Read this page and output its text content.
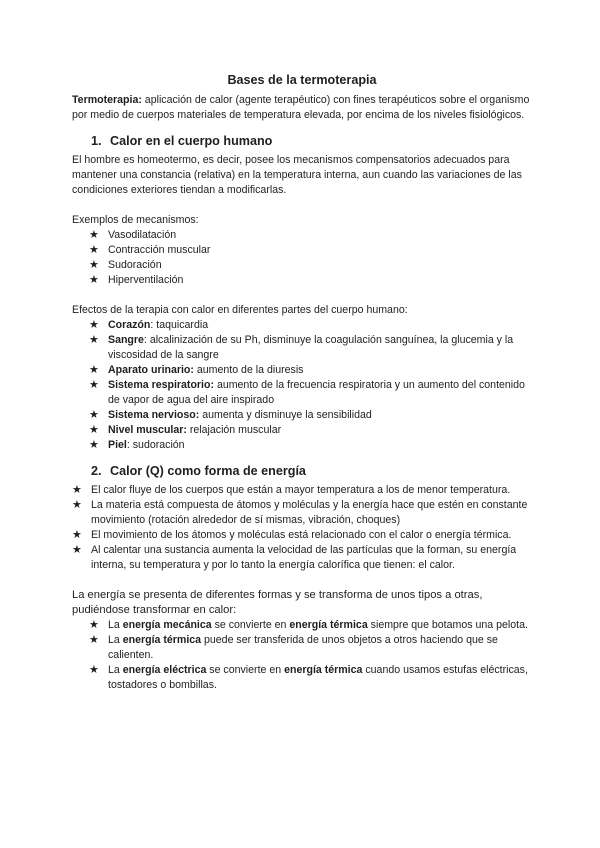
Bases de la termoterapia

Termoterapia: aplicación de calor (agente terapéutico) con fines terapéuticos sobre el organismo por medio de cuerpos materiales de temperatura elevada, por encima de los niveles fisiológicos.

1. Calor en el cuerpo humano

El hombre es homeotermo, es decir, posee los mecanismos compensatorios adecuados para mantener una constancia (relativa) en la temperatura interna, aun cuando las variaciones de las condiciones exteriores tiendan a modificarlas.

Exemplos de mecanismos:

★ Vasodilatación
★ Contracción muscular
★ Sudoración
★ Hiperventilación

Efectos de la terapia con calor en diferentes partes del cuerpo humano:

★ Corazón: taquicardia
★ Sangre: alcalinización de su Ph, disminuye la coagulación sanguínea, la glucemia y la viscosidad de la sangre
★ Aparato urinario: aumento de la diuresis
★ Sistema respiratorio: aumento de la frecuencia respiratoria y un aumento del contenido de vapor de agua del aire inspirado
★ Sistema nervioso: aumenta y disminuye la sensibilidad
★ Nivel muscular: relajación muscular
★ Piel: sudoración
2. Calor (Q) como forma de energía
★ El calor fluye de los cuerpos que están a mayor temperatura a los de menor temperatura.
★ La materia está compuesta de átomos y moléculas y la energía hace que estén en constante movimiento (rotación alrededor de sí mismas, vibración, choques)
★ El movimiento de los átomos y moléculas está relacionado con el calor o energía térmica.
★ Al calentar una sustancia aumenta la velocidad de las partículas que la forman, su energía interna, su temperatura y por lo tanto la energía calorífica que tienen: el calor.

La energía se presenta de diferentes formas y se transforma de unos tipos a otras, pudiéndose transformar en calor:

★ La energía mecánica se convierte en energía térmica siempre que botamos una pelota.
★ La energía térmica puede ser transferida de unos objetos a otros haciendo que se calienten.
★ La energía eléctrica se convierte en energía térmica cuando usamos estufas eléctricas, tostadores o bombillas.
